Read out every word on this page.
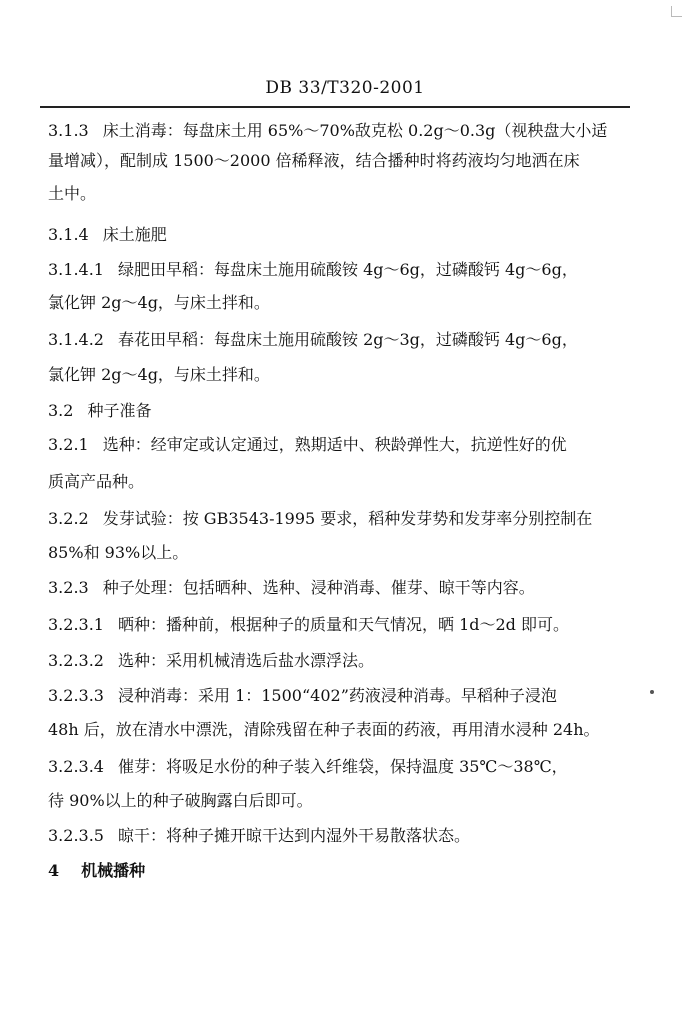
DB 33/T320-2001
3.1.3 床土消毒：每盘床土用 65%～70%敌克松 0.2g～0.3g（视秧盘大小适
量增减），配制成 1500～2000 倍稀释液，结合播种时将药液均匀地洒在床
土中。
3.1.4 床土施肥
3.1.4.1 绿肥田早稻：每盘床土施用硫酸铵 4g～6g，过磷酸钙 4g～6g，
氯化钾 2g～4g，与床土拌和。
3.1.4.2 春花田早稻：每盘床土施用硫酸铵 2g～3g，过磷酸钙 4g～6g，
氯化钾 2g～4g，与床土拌和。
3.2 种子准备
3.2.1 选种：经审定或认定通过，熟期适中、秧龄弹性大，抗逆性好的优
质高产品种。
3.2.2 发芽试验：按 GB3543-1995 要求，稻种发芽势和发芽率分别控制在
85%和 93%以上。
3.2.3 种子处理：包括晒种、选种、浸种消毒、催芽、晾干等内容。
3.2.3.1 晒种：播种前，根据种子的质量和天气情况，晒 1d～2d 即可。
3.2.3.2 选种：采用机械清选后盐水漂浮法。
3.2.3.3 浸种消毒：采用 1：1500“402”药液浸种消毒。早稻种子浸泡
48h 后，放在清水中漂洗，清除残留在种子表面的药液，再用清水浸种 24h。
3.2.3.4 催芽：将吸足水份的种子装入纤维袋，保持温度 35℃～38℃，
待 90%以上的种子破胸露白后即可。
3.2.3.5 晾干：将种子摊开晾干达到内湿外干易散落状态。
4 机械播种
